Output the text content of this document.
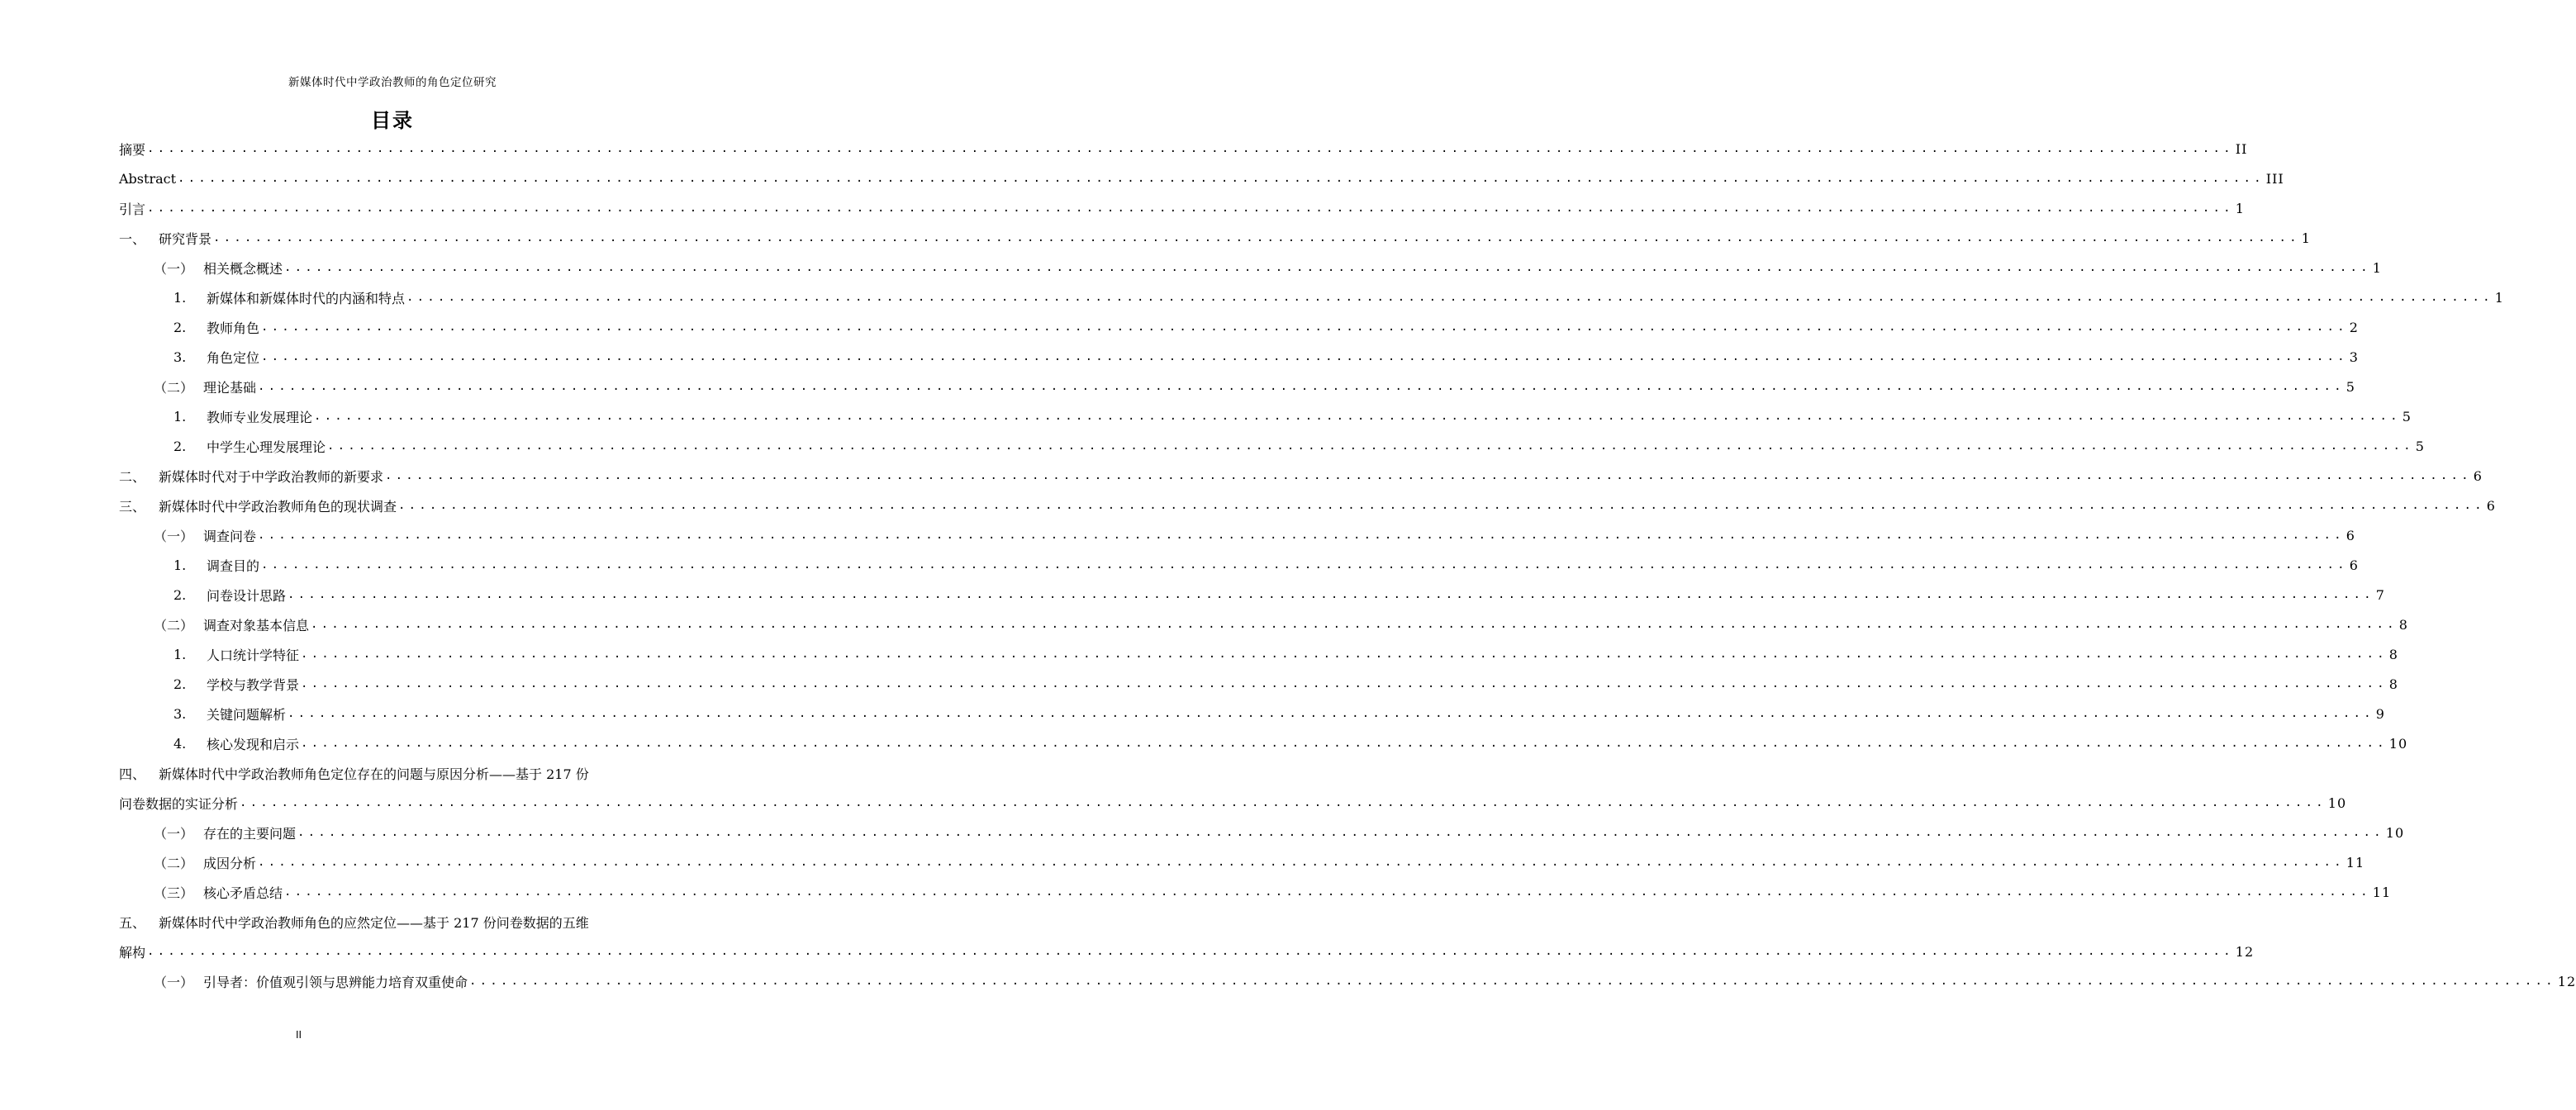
新媒体时代中学政治教师的角色定位研究
目录
摘要 ........................................................................................................................................................................................................ II
Abstract ........................................................................................................................................................................................................ III
引言 ........................................................................................................................................................................................................ 1
一、 研究背景 ........................................................................................................................................................................................................ 1
（一） 相关概念概述 ........................................................................................................................................................................................................ 1
1.	新媒体和新媒体时代的内涵和特点 ........................................................................................................................................................................................................ 1
2.	教师角色 ........................................................................................................................................................................................................ 2
3.	角色定位 ........................................................................................................................................................................................................ 3
（二） 理论基础 ........................................................................................................................................................................................................ 5
1.	教师专业发展理论 ........................................................................................................................................................................................................ 5
2.	中学生心理发展理论 ........................................................................................................................................................................................................ 5
二、 新媒体时代对于中学政治教师的新要求 ........................................................................................................................................................................................................ 6
三、 新媒体时代中学政治教师角色的现状调查 ........................................................................................................................................................................................................ 6
（一） 调查问卷 ........................................................................................................................................................................................................ 6
1.	调查目的 ........................................................................................................................................................................................................ 6
2.	问卷设计思路 ........................................................................................................................................................................................................ 7
（二） 调查对象基本信息 ........................................................................................................................................................................................................ 8
1.	人口统计学特征 ........................................................................................................................................................................................................ 8
2.	学校与教学背景 ........................................................................................................................................................................................................ 8
3.	关键问题解析 ........................................................................................................................................................................................................ 9
4.	核心发现和启示 ........................................................................................................................................................................................................ 10
四、 新媒体时代中学政治教师角色定位存在的问题与原因分析——基于 217 份
问卷数据的实证分析 ........................................................................................................................................................................................................ 10
（一） 存在的主要问题 ........................................................................................................................................................................................................ 10
（二） 成因分析 ........................................................................................................................................................................................................ 11
（三） 核心矛盾总结 ........................................................................................................................................................................................................ 11
五、 新媒体时代中学政治教师角色的应然定位——基于 217 份问卷数据的五维
解构 ........................................................................................................................................................................................................ 12
（一） 引导者：价值观引领与思辨能力培育双重使命 ........................................................................................................................................................................................................ 12
II
